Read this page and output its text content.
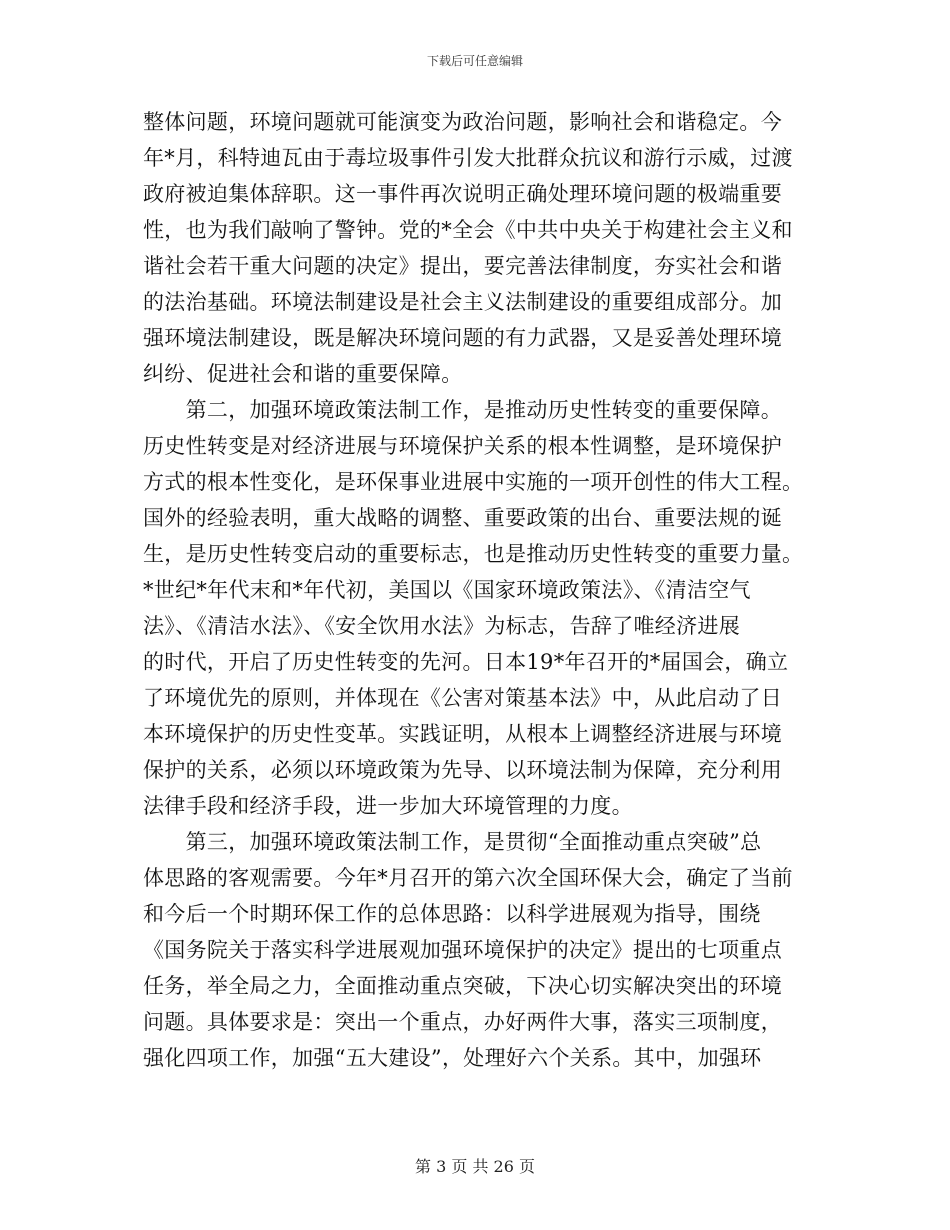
下载后可任意编辑
整体问题，环境问题就可能演变为政治问题，影响社会和谐稳定。今
年*月，科特迪瓦由于毒垃圾事件引发大批群众抗议和游行示威，过渡
政府被迫集体辞职。这一事件再次说明正确处理环境问题的极端重要
性，也为我们敲响了警钟。党的*全会《中共中央关于构建社会主义和
谐社会若干重大问题的决定》提出，要完善法律制度，夯实社会和谐
的法治基础。环境法制建设是社会主义法制建设的重要组成部分。加
强环境法制建设，既是解决环境问题的有力武器，又是妥善处理环境
纠纷、促进社会和谐的重要保障。
　　第二，加强环境政策法制工作，是推动历史性转变的重要保障。
历史性转变是对经济进展与环境保护关系的根本性调整，是环境保护
方式的根本性变化，是环保事业进展中实施的一项开创性的伟大工程。
国外的经验表明，重大战略的调整、重要政策的出台、重要法规的诞
生，是历史性转变启动的重要标志，也是推动历史性转变的重要力量。
*世纪*年代末和*年代初，美国以《国家环境政策法》、《清洁空气
法》、《清洁水法》、《安全饮用水法》为标志，告辞了唯经济进展
的时代，开启了历史性转变的先河。日本19*年召开的*届国会，确立
了环境优先的原则，并体现在《公害对策基本法》中，从此启动了日
本环境保护的历史性变革。实践证明，从根本上调整经济进展与环境
保护的关系，必须以环境政策为先导、以环境法制为保障，充分利用
法律手段和经济手段，进一步加大环境管理的力度。
　　第三，加强环境政策法制工作，是贯彻“全面推动重点突破”总
体思路的客观需要。今年*月召开的第六次全国环保大会，确定了当前
和今后一个时期环保工作的总体思路：以科学进展观为指导，围绕
《国务院关于落实科学进展观加强环境保护的决定》提出的七项重点
任务，举全局之力，全面推动重点突破，下决心切实解决突出的环境
问题。具体要求是：突出一个重点，办好两件大事，落实三项制度，
强化四项工作，加强“五大建设”，处理好六个关系。其中，加强环
第 3 页 共 26 页
